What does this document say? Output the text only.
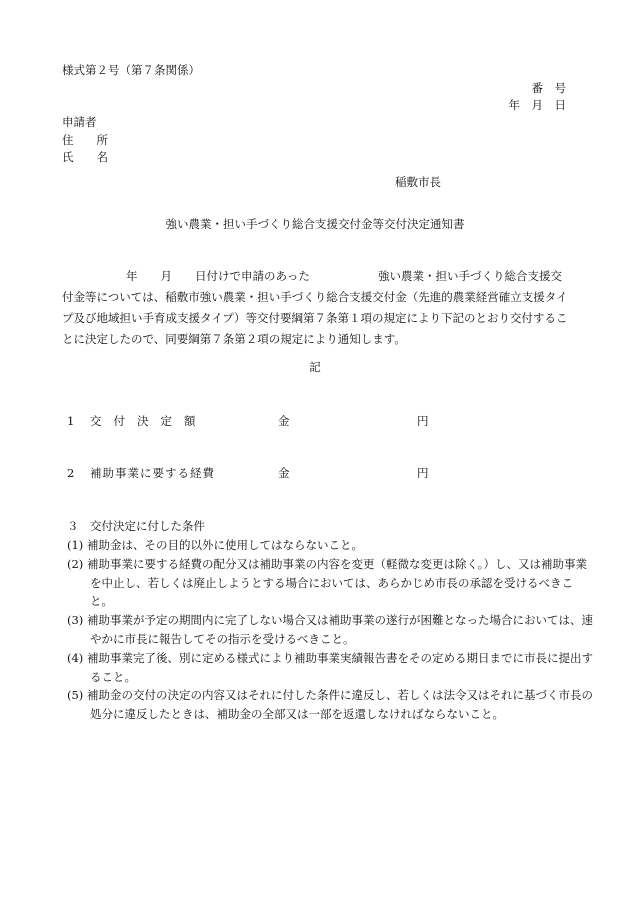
様式第２号（第７条関係）
番　号
年　月　日
申請者
住　　所
氏　　名
稲敷市長
強い農業・担い手づくり総合支援交付金等交付決定通知書
年　　月　　日付けで申請のあった	強い農業・担い手づくり総合支援交付金等については、稲敷市強い農業・担い手づくり総合支援交付金（先進的農業経営確立支援タイプ及び地域担い手育成支援タイプ）等交付要綱第７条第１項の規定により下記のとおり交付することに決定したので、同要綱第７条第２項の規定により通知します。
記
1 交付決定額	金	円
2 補助事業に要する経費	金	円
３　交付決定に付した条件
(1) 補助金は、その目的以外に使用してはならないこと。
(2) 補助事業に要する経費の配分又は補助事業の内容を変更（軽微な変更は除く。）し、又は補助事業を中止し、若しくは廃止しようとする場合においては、あらかじめ市長の承認を受けるべきこと。
(3) 補助事業が予定の期間内に完了しない場合又は補助事業の遂行が困難となった場合においては、速やかに市長に報告してその指示を受けるべきこと。
(4) 補助事業完了後、別に定める様式により補助事業実績報告書をその定める期日までに市長に提出すること。
(5) 補助金の交付の決定の内容又はそれに付した条件に違反し、若しくは法令又はそれに基づく市長の処分に違反したときは、補助金の全部又は一部を返還しなければならないこと。
